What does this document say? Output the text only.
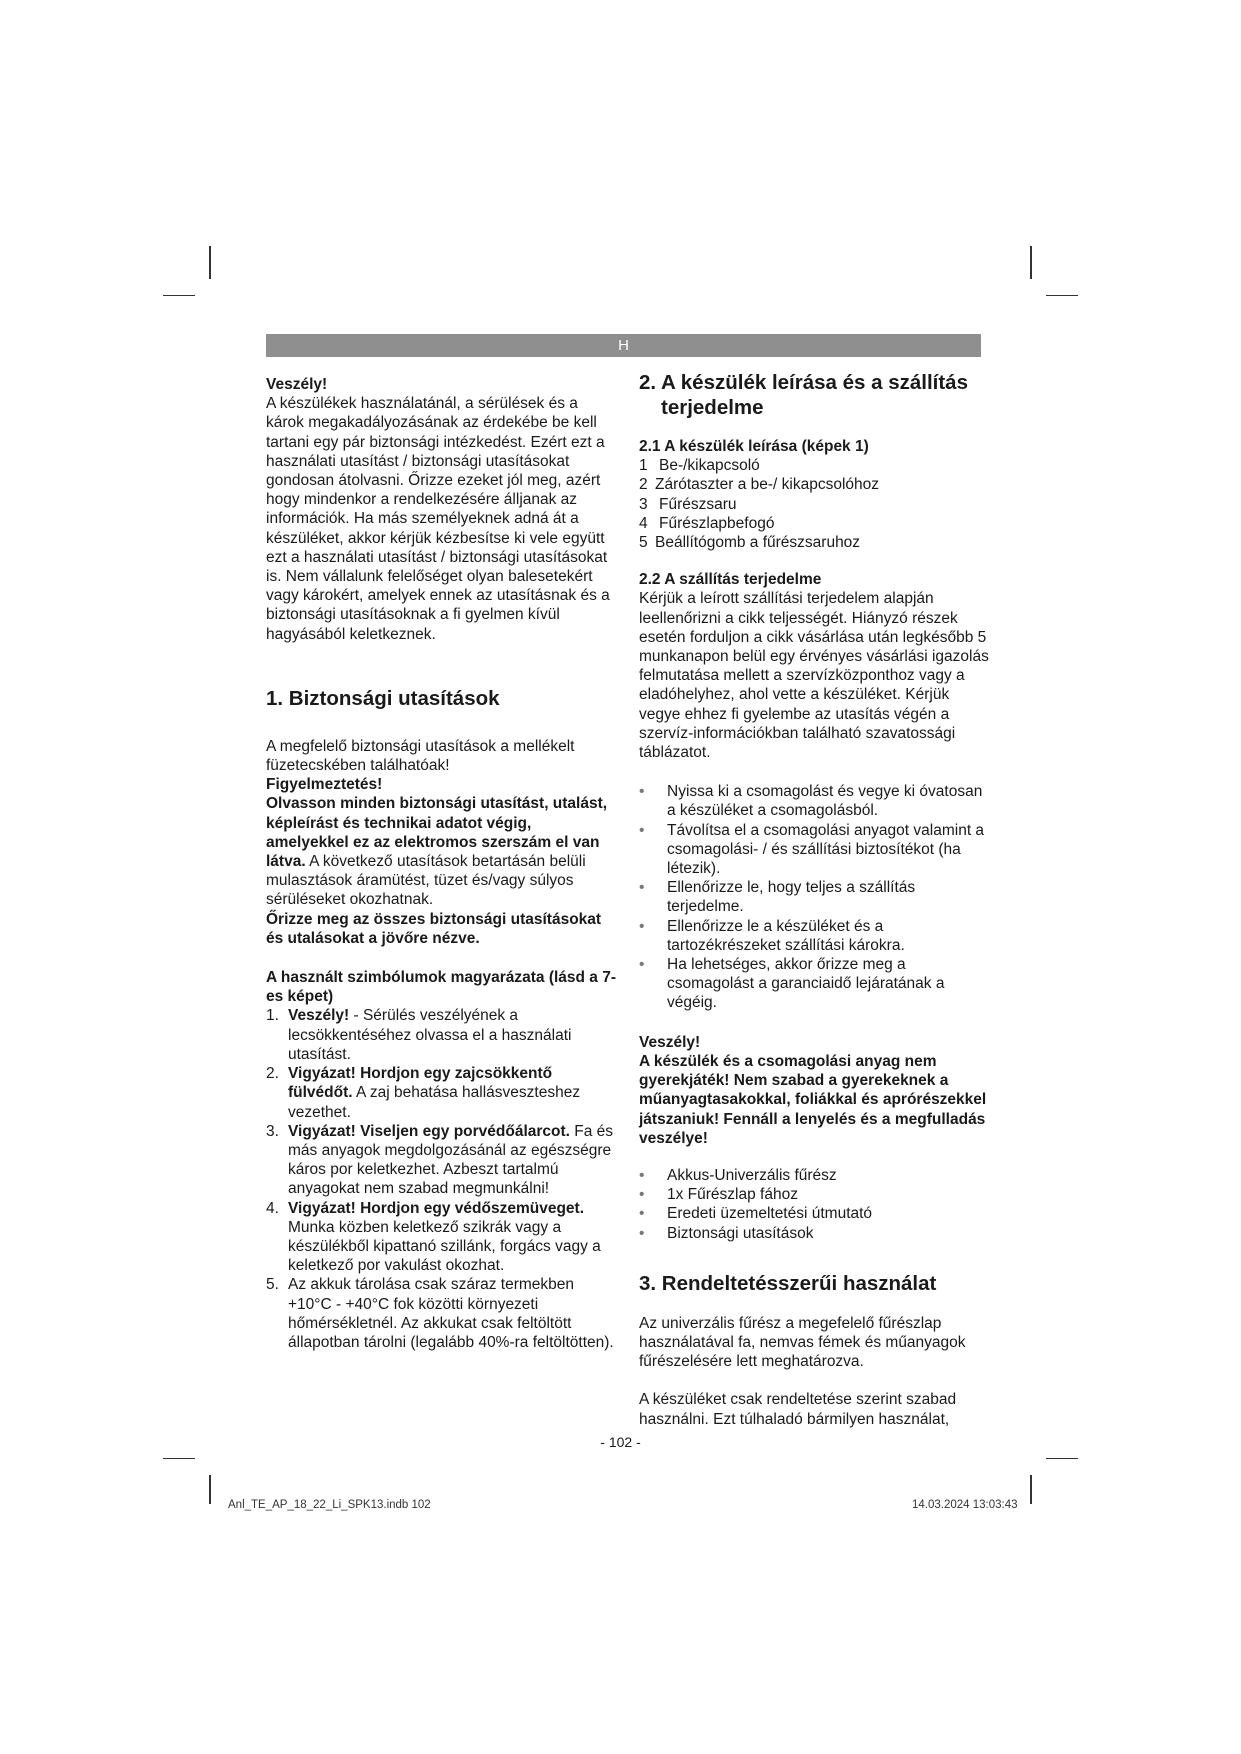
H

Veszély!

A készülékek használatánál, a sérülések és a károk megakadályozásának az érdekébe be kell tartani egy pár biztonsági intézkedést. Ezért ezt a használati utasítást / biztonsági utasításokat gondosan átolvasni. Őrizze ezeket jól meg, azért hogy mindenkor a rendelkezésére álljanak az információk. Ha más személyeknek adná át a készüléket, akkor kérjük kézbesítse ki vele együtt ezt a használati utasítást / biztonsági utasításokat is. Nem vállalunk felelőséget olyan balesetekért vagy károkért, amelyek ennek az utasításnak és a biztonsági utasításoknak a fi gyelmen kívül hagyásából keletkeznek.

1. Biztonsági utasítások

A megfelelő biztonsági utasítások a mellékelt füzetecskében találhatóak!

Figyelmeztetés!

Olvasson minden biztonsági utasítást, utalást, képleírást és technikai adatot végig, amelyekkel ez az elektromos szerszám el van látva. A következő utasítások betartásán belüli mulasztások áramütést, tüzet és/vagy súlyos sérüléseket okozhatnak.

Őrizze meg az összes biztonsági utasításokat és utalásokat a jövőre nézve.

A használt szimbólumok magyarázata (lásd a 7-es képet)

1. Veszély! - Sérülés veszélyének a lecsökkentéséhez olvassa el a használati utasítást.
2. Vigyázat! Hordjon egy zajcsökkentő fülvédőt. A zaj behatása hallásveszteshez vezethet.
3. Vigyázat! Viseljen egy porvédőálarcot. Fa és más anyagok megdolgozásánál az egészségre káros por keletkezhet. Azbeszt tartalmú anyagokat nem szabad megmunkálni!
4. Vigyázat! Hordjon egy védőszemüveget. Munka közben keletkező szikrák vagy a készülékből kipattanó szillánk, forgács vagy a keletkező por vakulást okozhat.
5. Az akkuk tárolása csak száraz termekben +10°C - +40°C fok közötti környezeti hőmérsékletnél. Az akkukat csak feltöltött állapotban tárolni (legalább 40%-ra feltöltötten).
2. A készülék leírása és a szállítás
terjedelme
2.1 A készülék leírása (képek 1)
1 Be-/kikapcsoló
2 Zárótaszter a be-/ kikapcsolóhoz
3 Fűrészsaru
4 Fűrészlapbefogó
5 Beállítógomb a fűrészsaruhoz
2.2 A szállítás terjedelme

Kérjük a leírott szállítási terjedelem alapján leellenőrizni a cikk teljességét. Hiányzó részek esetén forduljon a cikk vásárlása után legkésőbb 5 munkanapon belül egy érvényes vásárlási igazolás felmutatása mellett a szervízközponthoz vagy a eladóhelyhez, ahol vette a készüléket. Kérjük vegye ehhez fi gyelembe az utasítás végén a szervíz-információkban található szavatossági táblázatot.

• Nyissa ki a csomagolást és vegye ki óvatosan a készüléket a csomagolásból.
• Távolítsa el a csomagolási anyagot valamint a csomagolási- / és szállítási biztosítékot (ha létezik).
• Ellenőrizze le, hogy teljes a szállítás terjedelme.
• Ellenőrizze le a készüléket és a tartozékrészeket szállítási károkra.
• Ha lehetséges, akkor őrizze meg a csomagolást a garanciaidő lejáratának a végéig.

Veszély!

A készülék és a csomagolási anyag nem gyerekjáték! Nem szabad a gyerekeknek a műanyagtasakokkal, foliákkal és aprórészekkel játszaniuk! Fennáll a lenyelés és a megfulladás veszélye!

• Akkus-Univerzális fűrész
• 1x Fűrészlap fához
• Eredeti üzemeltetési útmutató
• Biztonsági utasítások
3. Rendeltetésszerűi használat

Az univerzális fűrész a megefelelő fűrészlap használatával fa, nemvas fémek és műanyagok fűrészelésére lett meghatározva.

A készüléket csak rendeltetése szerint szabad használni. Ezt túlhaladó bármilyen használat,

- 102 -
Anl_TE_AP_18_22_Li_SPK13.indb 102	14.03.2024 13:03:43
